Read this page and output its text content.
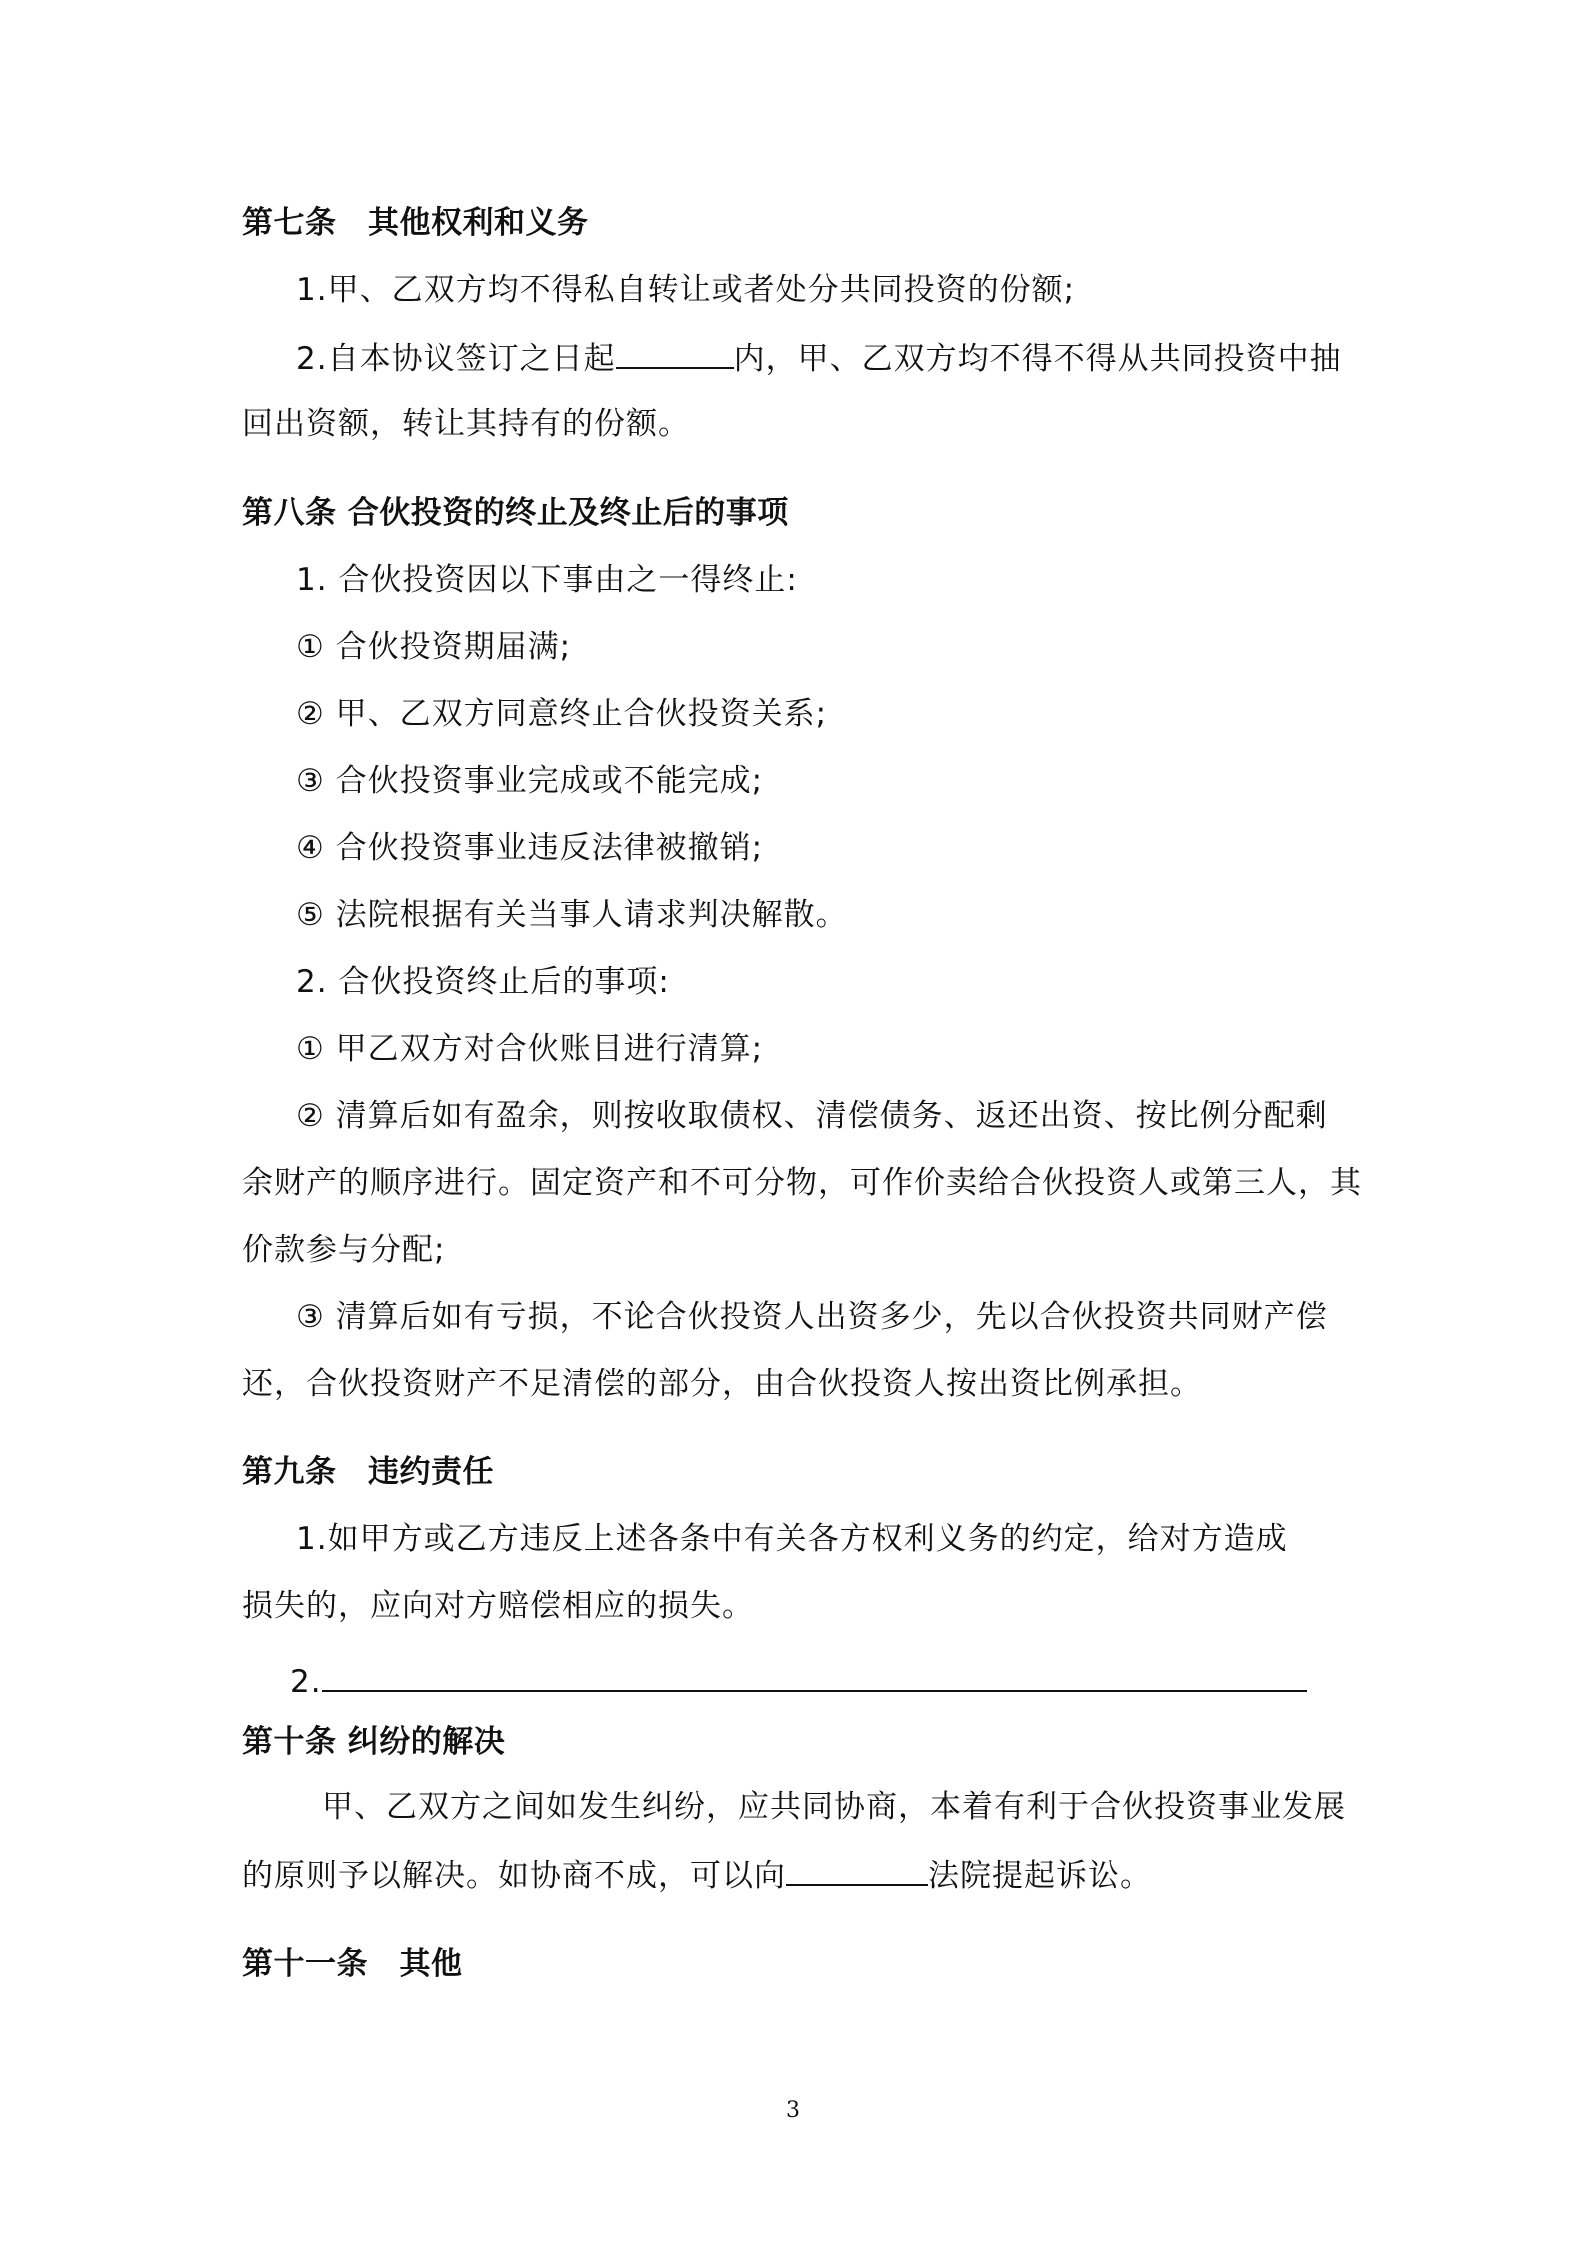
第七条　其他权利和义务
1.甲、乙双方均不得私自转让或者处分共同投资的份额;
2.自本协议签订之日起	内，甲、乙双方均不得不得从共同投资中抽
回出资额，转让其持有的份额。
第八条 合伙投资的终止及终止后的事项
1. 合伙投资因以下事由之一得终止:
① 合伙投资期届满;
② 甲、乙双方同意终止合伙投资关系;
③ 合伙投资事业完成或不能完成;
④ 合伙投资事业违反法律被撤销;
⑤ 法院根据有关当事人请求判决解散。
2. 合伙投资终止后的事项:
① 甲乙双方对合伙账目进行清算;
② 清算后如有盈余，则按收取债权、清偿债务、返还出资、按比例分配剩
余财产的顺序进行。固定资产和不可分物，可作价卖给合伙投资人或第三人，其
价款参与分配;
③ 清算后如有亏损，不论合伙投资人出资多少，先以合伙投资共同财产偿
还，合伙投资财产不足清偿的部分，由合伙投资人按出资比例承担。
第九条　违约责任
1.如甲方或乙方违反上述各条中有关各方权利义务的约定，给对方造成
损失的，应向对方赔偿相应的损失。
2.
第十条 纠纷的解决
甲、乙双方之间如发生纠纷，应共同协商，本着有利于合伙投资事业发展
的原则予以解决。如协商不成，可以向	法院提起诉讼。
第十一条　其他
3
